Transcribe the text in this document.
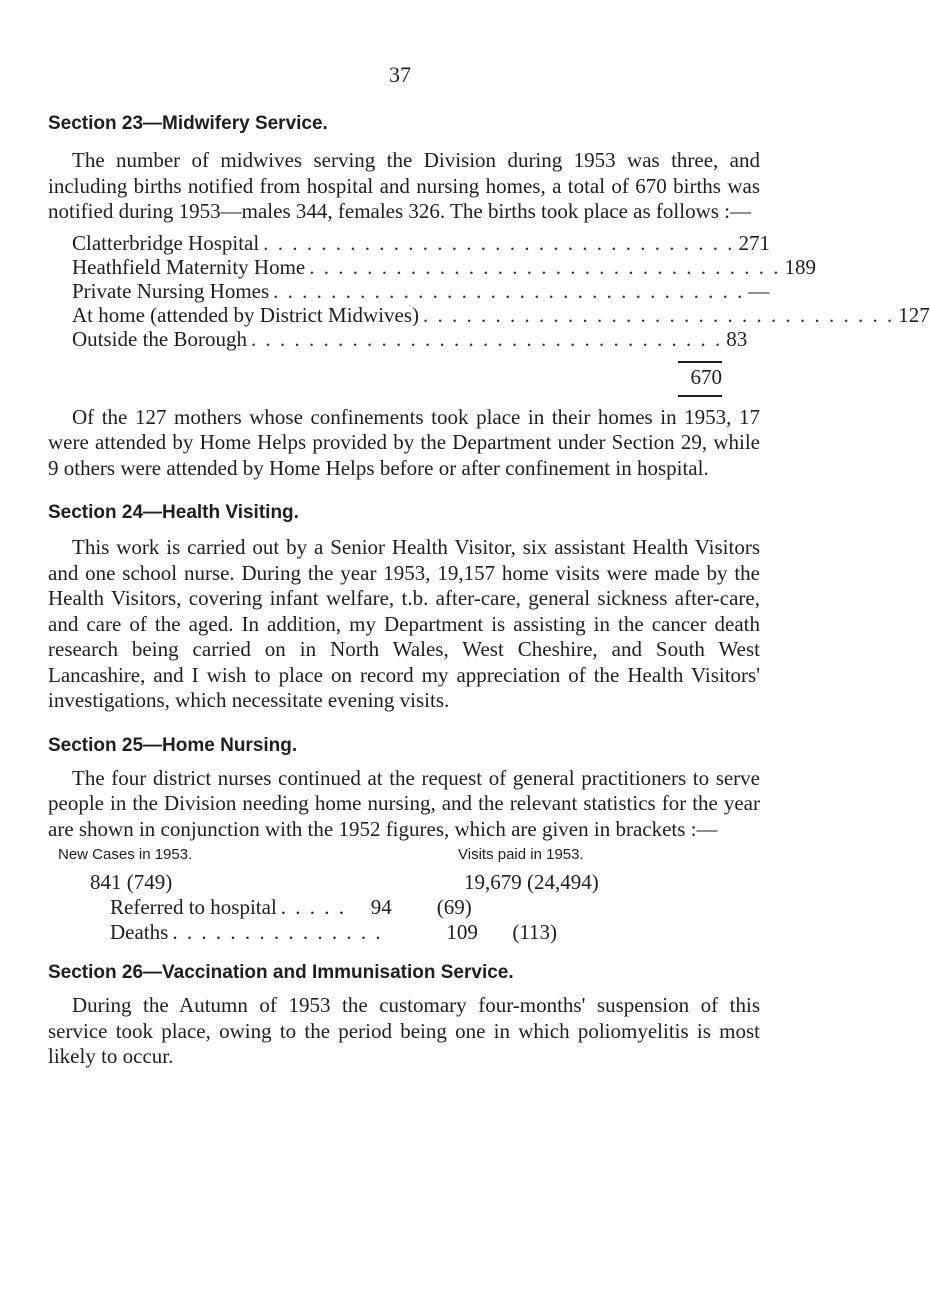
37
Section 23—Midwifery Service.

The number of midwives serving the Division during 1953 was three, and including births notified from hospital and nursing homes, a total of 670 births was notified during 1953—males 344, females 326. The births took place as follows :—

Clatterbridge Hospital . . . . . . . . . . . . . . . . . . . . . . . . . . . . . . . . . 271
Heathfield Maternity Home . . . . . . . . . . . . . . . . . . . . . . . . . . . . . . . . . 189
Private Nursing Homes . . . . . . . . . . . . . . . . . . . . . . . . . . . . . . . . . —
At home (attended by District Midwives) . . . . . . . . . . . . . . . . . . . . . . . . . . . . . . . . . 127
Outside the Borough . . . . . . . . . . . . . . . . . . . . . . . . . . . . . . . . . 83
670

Of the 127 mothers whose confinements took place in their homes in 1953, 17 were attended by Home Helps provided by the Department under Section 29, while 9 others were attended by Home Helps before or after confinement in hospital.

Section 24—Health Visiting.

This work is carried out by a Senior Health Visitor, six assistant Health Visitors and one school nurse. During the year 1953, 19,157 home visits were made by the Health Visitors, covering infant welfare, t.b. after-care, general sickness after-care, and care of the aged. In addition, my Department is assisting in the cancer death research being carried on in North Wales, West Cheshire, and South West Lancashire, and I wish to place on record my appreciation of the Health Visitors' investigations, which necessitate evening visits.

Section 25—Home Nursing.

The four district nurses continued at the request of general practitioners to serve people in the Division needing home nursing, and the relevant statistics for the year are shown in conjunction with the 1952 figures, which are given in brackets :—

New Cases in 1953.	Visits paid in 1953.
841 (749)	19,679 (24,494)
Referred to hospital . . . . .	94	(69)
Deaths . . . . . . . . . . . . . . .	109	(113)
Section 26—Vaccination and Immunisation Service.

During the Autumn of 1953 the customary four-months' suspension of this service took place, owing to the period being one in which poliomyelitis is most likely to occur.
